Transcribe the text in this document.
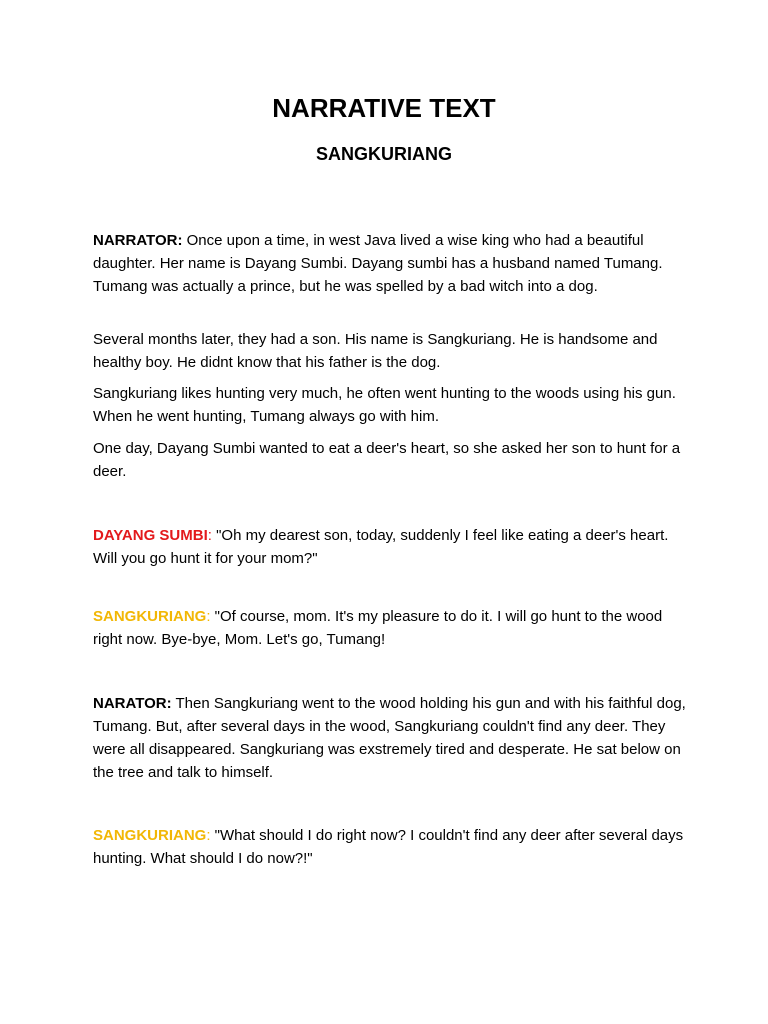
NARRATIVE TEXT
SANGKURIANG

NARRATOR: Once upon a time, in west Java lived a wise king who had a beautiful daughter. Her name is Dayang Sumbi. Dayang sumbi has a husband named Tumang. Tumang was actually a prince, but he was spelled by a bad witch into a dog.

Several months later, they had a son. His name is Sangkuriang. He is handsome and healthy boy. He didnt know that his father is the dog.

Sangkuriang likes hunting very much, he often went hunting to the woods using his gun. When he went hunting, Tumang always go with him.

One day, Dayang Sumbi wanted to eat a deer's heart, so she asked her son to hunt for a deer.

DAYANG SUMBI: "Oh my dearest son, today, suddenly I feel like eating a deer's heart. Will you go hunt it for your mom?"

SANGKURIANG: "Of course, mom. It's my pleasure to do it. I will go hunt to the wood right now. Bye-bye, Mom. Let's go, Tumang!

NARATOR: Then Sangkuriang went to the wood holding his gun and with his faithful dog, Tumang. But, after several days in the wood, Sangkuriang couldn't find any deer. They were all disappeared. Sangkuriang was exstremely tired and desperate. He sat below on the tree and talk to himself.

SANGKURIANG: "What should I do right now? I couldn't find any deer after several days hunting. What should I do now?!"
